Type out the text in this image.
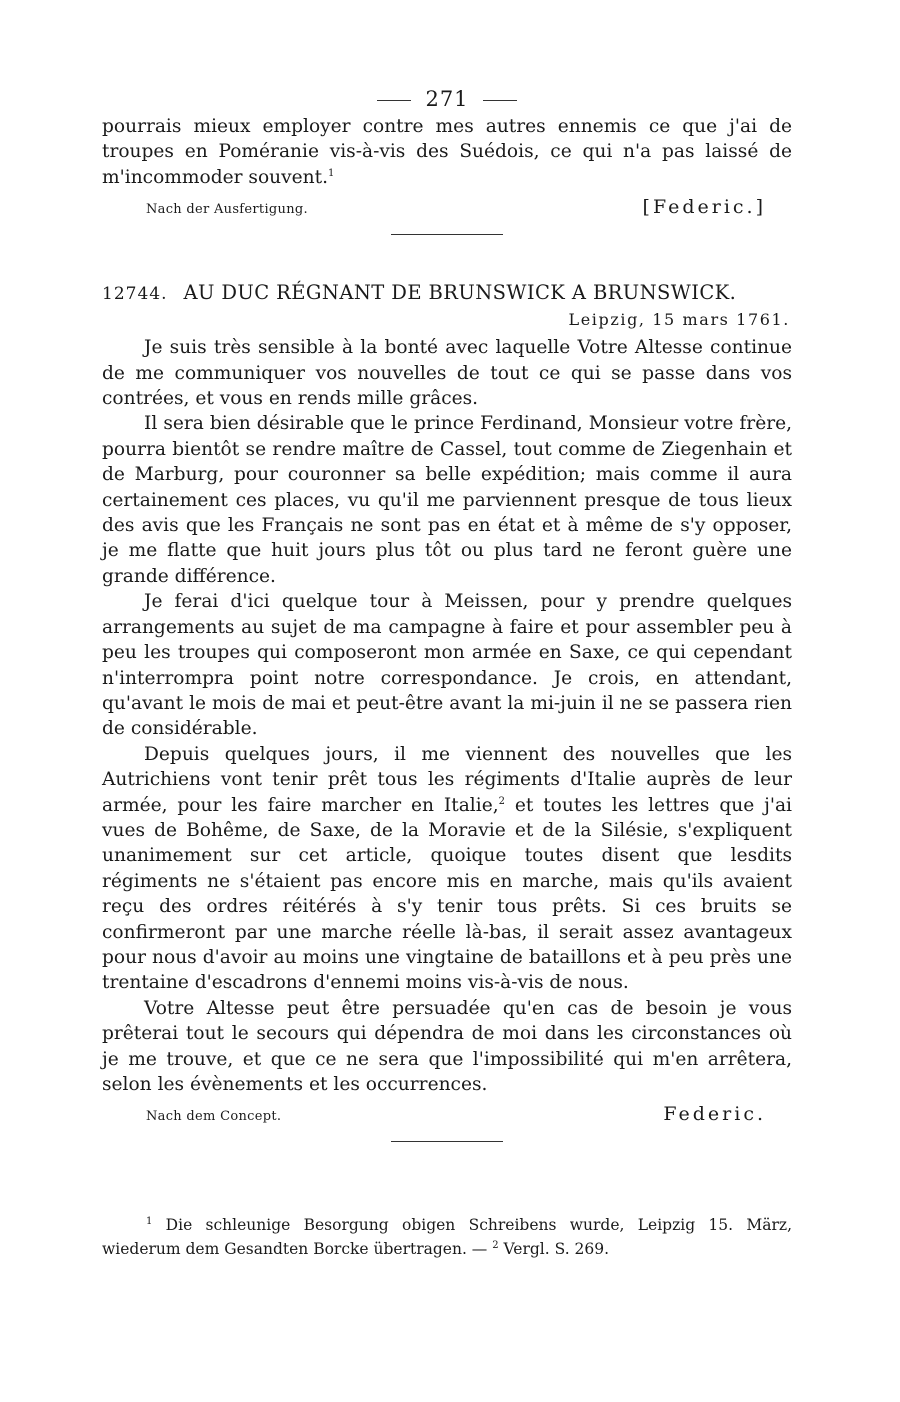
271

pourrais mieux employer contre mes autres ennemis ce que j'ai de troupes en Poméranie vis-à-vis des Suédois, ce qui n'a pas laissé de m'incommoder souvent.$^1$

Nach der Ausfertigung.	[Federic.]
12744. AU DUC RÉGNANT DE BRUNSWICK A BRUNSWICK.
Leipzig, 15 mars 1761.

Je suis très sensible à la bonté avec laquelle Votre Altesse continue de me communiquer vos nouvelles de tout ce qui se passe dans vos contrées, et vous en rends mille grâces.

Il sera bien désirable que le prince Ferdinand, Monsieur votre frère, pourra bientôt se rendre maître de Cassel, tout comme de Ziegenhain et de Marburg, pour couronner sa belle expédition; mais comme il aura certainement ces places, vu qu'il me parviennent presque de tous lieux des avis que les Français ne sont pas en état et à même de s'y opposer, je me flatte que huit jours plus tôt ou plus tard ne feront guère une grande différence.

Je ferai d'ici quelque tour à Meissen, pour y prendre quelques arrangements au sujet de ma campagne à faire et pour assembler peu à peu les troupes qui composeront mon armée en Saxe, ce qui cependant n'interrompra point notre correspondance. Je crois, en attendant, qu'avant le mois de mai et peut-être avant la mi-juin il ne se passera rien de considérable.

Depuis quelques jours, il me viennent des nouvelles que les Autrichiens vont tenir prêt tous les régiments d'Italie auprès de leur armée, pour les faire marcher en Italie,$^2$ et toutes les lettres que j'ai vues de Bohême, de Saxe, de la Moravie et de la Silésie, s'expliquent unanimement sur cet article, quoique toutes disent que lesdits régiments ne s'étaient pas encore mis en marche, mais qu'ils avaient reçu des ordres réitérés à s'y tenir tous prêts. Si ces bruits se confirmeront par une marche réelle là-bas, il serait assez avantageux pour nous d'avoir au moins une vingtaine de bataillons et à peu près une trentaine d'escadrons d'ennemi moins vis-à-vis de nous.

Votre Altesse peut être persuadée qu'en cas de besoin je vous prêterai tout le secours qui dépendra de moi dans les circonstances où je me trouve, et que ce ne sera que l'impossibilité qui m'en arrêtera, selon les évènements et les occurrences.

Nach dem Concept.	Federic.
$^1$ Die schleunige Besorgung obigen Schreibens wurde, Leipzig 15. März, wiederum dem Gesandten Borcke übertragen. — $^2$ Vergl. S. 269.
